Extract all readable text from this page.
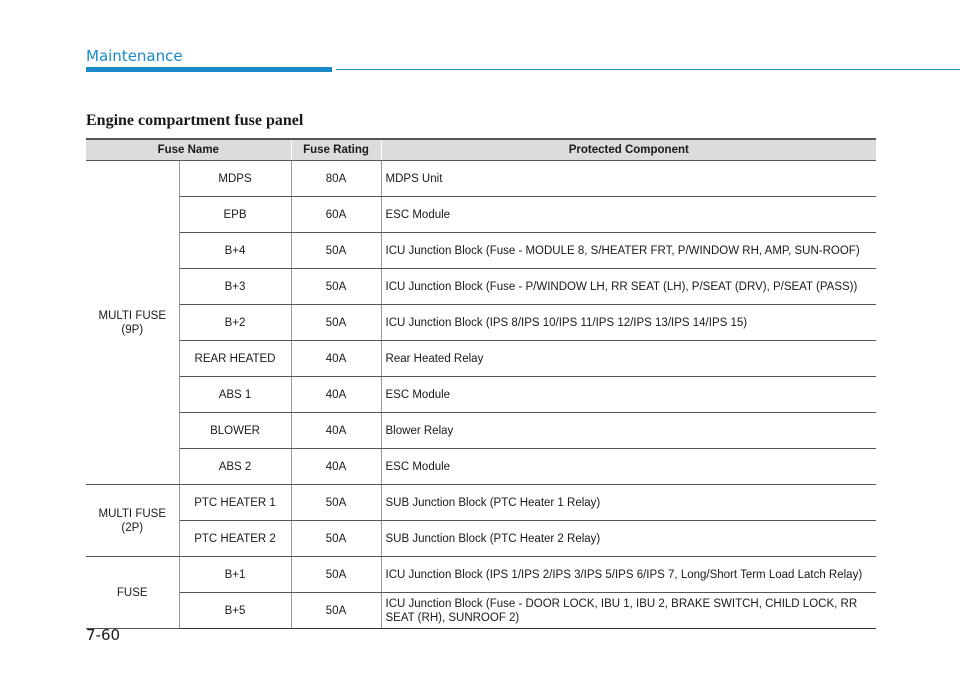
Maintenance
Engine compartment fuse panel
Fuse Name		Fuse Rating	Protected Component
MULTI FUSE
(9P)	MDPS	80A	MDPS Unit
	EPB	60A	ESC Module
	B+4	50A	ICU Junction Block (Fuse - MODULE 8, S/HEATER FRT, P/WINDOW RH, AMP, SUN-ROOF)
	B+3	50A	ICU Junction Block (Fuse - P/WINDOW LH, RR SEAT (LH), P/SEAT (DRV), P/SEAT (PASS))
	B+2	50A	ICU Junction Block (IPS 8/IPS 10/IPS 11/IPS 12/IPS 13/IPS 14/IPS 15)
	REAR HEATED	40A	Rear Heated Relay
	ABS 1	40A	ESC Module
	BLOWER	40A	Blower Relay
	ABS 2	40A	ESC Module
MULTI FUSE
(2P)	PTC HEATER 1	50A	SUB Junction Block (PTC Heater 1 Relay)
	PTC HEATER 2	50A	SUB Junction Block (PTC Heater 2 Relay)
FUSE	B+1	50A	ICU Junction Block (IPS 1/IPS 2/IPS 3/IPS 5/IPS 6/IPS 7, Long/Short Term Load Latch Relay)
	B+5	50A	ICU Junction Block (Fuse - DOOR LOCK, IBU 1, IBU 2, BRAKE SWITCH, CHILD LOCK, RR SEAT (RH), SUNROOF 2)
7-60
